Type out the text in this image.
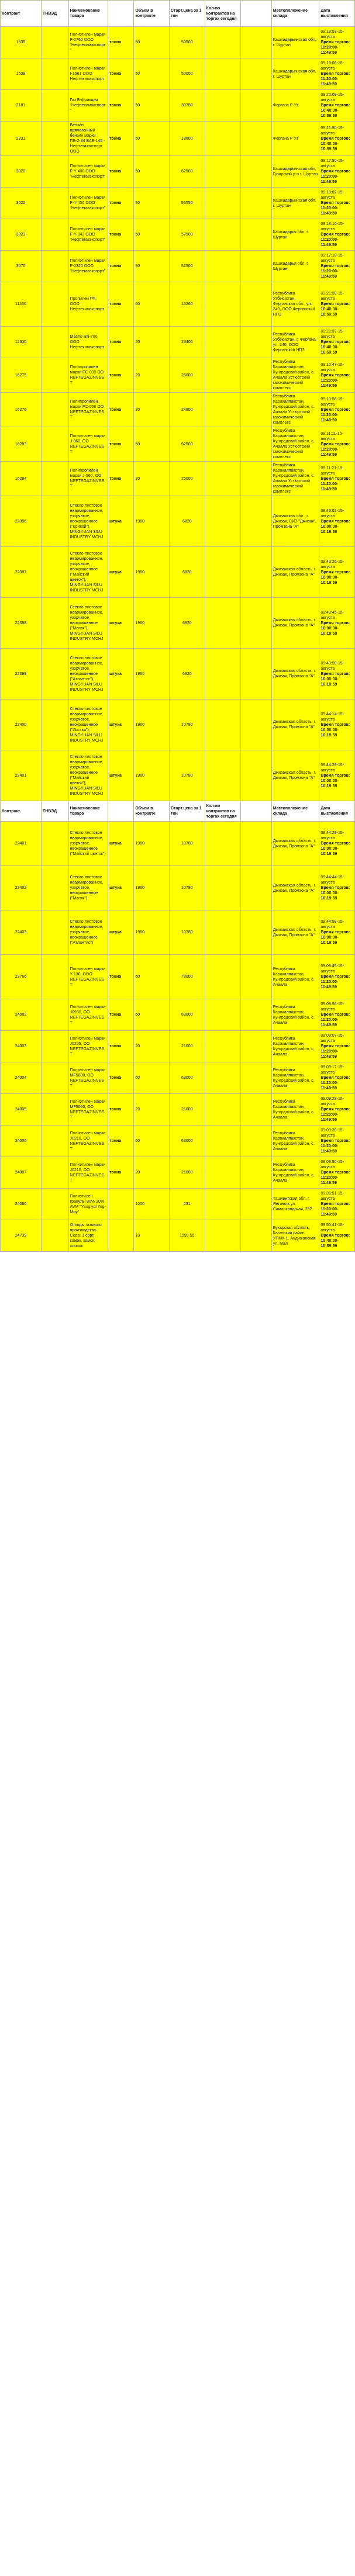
Контракт	ТНВЭД	Наименование товара		Объем в контракте	Старт.цена за 1 тон	Кол-во контрактов на торгах сегодня		Местоположение склада	Дата выставления
1535		Полиэтилен марки F-0760 ООО "Нефтехимэкспорт"	тонна	50	50500			Кашкадарьинская обл, г. Шуртан	09:18:53-15-августа
Время торгов:
11:20:00-11:49:59
1539		Полиэтилен марки I-1561 ООО Нефтехимэкспорт	тонна	50	50000			Кашкадарьинская обл, г. Шуртан	09:19:06-15-августа
Время торгов:
11:20:00-11:49:59
2181		Газ Б-фракция "Нефтехимэкспорт"	тонна	50	30780			Фергана Р Уз	09:22:09-15-августа
Время торгов:
10:40:00-10:59:59
2231		Бензин прямогонный бензин марки ПБ-2-34 ВАЕ-145 - Нефтегазэкспорт ООО	тонна	50	18600			Фергана Р Уз	09:21:50-15-августа
Время торгов:
10:40:00-10:59:59
3020		Полиэтилен марки F-Y 400 ООО "Нефтегазэкспорт"	тонна	50	62500			Кашкадарьинская обл, Гузарский р-н г. Шуртан	09:17:50-15-августа
Время торгов:
11:20:00-11:49:59
3022		Полиэтилен марки F-Y 456 ООО "Нефтегазэкспорт"	тонна	50	56550			Кашкадарьинская обл, г. Шуртан	09:18:02-15-августа
Время торгов:
11:20:00-11:49:59
3023		Полиэтилен марки F-Y 342 ООО "Нефтегазэкспорт"	тонна	50	57500			Кашкадарья обл, г. Шуртан	09:18:10-15-августа
Время торгов:
11:20:00-11:49:59
3070		Полиэтилен марки F-0320 ООО "Нефтегазэкспорт"	тонна	50	52500			Кашкадарья обл, г. Шуртан	09:17:18-15-августа
Время торгов:
11:20:00-11:49:59
11450		Пропилен ГФ, ООО Нефтехимэкспорт	тонна	60	15260			Республика Узбекистан, Ферганская обл., ул. 240, ООО Ферганский НПЗ	09:21:59-15-августа
Время торгов:
10:40:00-10:59:59
12630		Масло SN-700, ООО Нефтехимэкспорт	тонна	20	26400			Республика Узбекистан, г. Фергана, ул. 240, ООО Ферганский НПЗ	09:21:37-15-августа
Время торгов:
10:40:00-10:59:59
16275		Полипропилен марки FC-030 ОО NEFTEGAZINVEST	тонна	20	26000			Республика Каракалпакстан, Кунградский район, с. Ачаала Устюртский газохимический комплекс	09:10:47-15-августа
Время торгов:
11:20:00-11:49:59
16276		Полипропилен марки FC-056 ОО NEFTEGAZINVEST	тонна	20	24800			Республика Каракалпакстан, Кунградский район, с. Ачаала Устюртский газохимический комплекс	09:10:56-15-августа
Время торгов:
11:20:00-11:49:59
16283		Полиэтилен марки J-360, ОО NEFTEGAZINVEST	тонна	50	62500			Республика Каракалпакстан, Кунградский район, с. Ачаала Устюртский газохимический комплекс	09:11:11-15-августа
Время торгов:
11:20:00-11:49:59
16284		Полипропилен марки J-560, ОО NEFTEGAZINVEST	тонна	20	25000			Республика Каракалпакстан, Кунградский район, с. Ачаала Устюртский газохимический комплекс	09:11:21-15-августа
Время торгов:
11:20:00-11:49:59
22396		Стекло листовое неармированное, узорчатое, неокрашенное ("Кривой"), MINGYUAN SILU INDUSTRY MCHJ	штука	1960	6820			Джизакская обл., г. Джизак, СИЗ "Джизак", Промзона "А"	09:43:02-15-августа
Время торгов:
10:00:00-10:19:59
22397		Стекло листовое неармированное, узорчатое, неокрашенное ("Майский цветок"), MINGYUAN SILU INDUSTRY MCHJ	штука	1960	6820			Джизакская область, г. Джизак, Промзона "А"	09:43:26-15-августа
Время торгов:
10:00:00-10:19:59
22398		Стекло листовое неармированное, узорчатое, неокрашенное ("Магия"), MINGYUAN SILU INDUSTRY MCHJ	штука	1960	6820			Джизакская область, г. Джизак, Промзона "А"	09:43:45-15-августа
Время торгов:
10:00:00-10:19:59
22399		Стекло листовое неармированное, узорчатое, неокрашенное ("Атлантис"), MINGYUAN SILU INDUSTRY MCHJ	штука	1960	6820			Джизакская область, г. Джизак, Промзона "А"	09:43:59-15-августа
Время торгов:
10:00:00-10:19:59
22400		Стекло листовое неармированное, узорчатое, неокрашенное ("Листья"), MINGYUAN SILU INDUSTRY MCHJ	штука	1960	10780			Джизакская область, г. Джизак, Промзона "А"	09:44:14-15-августа
Время торгов:
10:00:00-10:19:59
22401		Стекло листовое неармированное, узорчатое, неокрашенное ("Майский цветок"), MINGYUAN SILU INDUSTRY MCHJ	штука	1960	10780			Джизакская область, г. Джизак, Промзона "А"	09:44:29-15-августа
Время торгов:
10:00:00-10:19:59
Контракт	ТНВЭД	Наименование товара		Объем в контракте	Старт.цена за 1 тон	Кол-во контрактов на торгах сегодня		Местоположение склада	Дата выставления
22401		Стекло листовое неармированное, узорчатое, неокрашенное ("Майский цветок")	штука	1960	10780			Джизакская область, г. Джизак, Промзона "А"	09:44:29-15-августа
Время торгов:
10:00:00-10:19:59
22402		Стекло листовое неармированное, узорчатое, неокрашенное ("Магия")	штука	1960	10780			Джизакская область, г. Джизак, Промзона "А"	09:44:44-15-августа
Время торгов:
10:00:00-10:19:59
22403		Стекло листовое неармированное, узорчатое, неокрашенное ("Атлантис")	штука	1960	10780			Джизакская область, г. Джизак, Промзона "А"	09:44:58-15-августа
Время торгов:
10:00:00-10:19:59
23766		Полиэтилен марки Y-130, ООО NEFTEGAZINVEST	тонна	60	78000			Республика Каракалпакстан, Кунградский район, с. Ачаала	09:08:45-15-августа
Время торгов:
11:20:00-11:49:59
24002		Полиэтилен марки J0930, ОО NEFTEGAZINVEST	тонна	60	63000			Республика Каракалпакстан, Кунградский район, с. Ачаала	09:08:56-15-августа
Время торгов:
11:20:00-11:49:59
24003		Полиэтилен марки J0205, ОО NEFTEGAZINVEST	тонна	20	21000			Республика Каракалпакстан, Кунградский район, с. Ачаала	09:09:07-15-августа
Время торгов:
11:20:00-11:49:59
24004		Полиэтилен марки MF5000, ОО NEFTEGAZINVEST	тонна	60	63000			Республика Каракалпакстан, Кунградский район, с. Ачаала	09:09:17-15-августа
Время торгов:
11:20:00-11:49:59
24005		Полиэтилен марки MF5000, ОО NEFTEGAZINVEST	тонна	20	21000			Республика Каракалпакстан, Кунградский район, с. Ачаала	09:09:29-15-августа
Время торгов:
11:20:00-11:49:59
24006		Полиэтилен марки J0210, ОО NEFTEGAZINVEST	тонна	60	63000			Республика Каракалпакстан, Кунградский район, с. Ачаала	09:09:39-15-августа
Время торгов:
11:20:00-11:49:59
24007		Полиэтилен марки J0210, ОО NEFTEGAZINVEST	тонна	20	21000			Республика Каракалпакстан, Кунградский район, с. Ачаала	09:09:50-15-августа
Время торгов:
11:20:00-11:49:59
24060		Полиэтилен гранулы 80% 20% AVM "Yangiyol Yog-Moy"		1000	231			Ташкентская обл. г. Янгиюль ул. Самаркандская, 252	09:36:51-15-августа
Время торгов:
11:20:00-11:49:59
24739		Отходы газового производства. Сера: 1 сорт, комок, комок, хлопок		10	1599.55			Бухарская область, Каганский район, УПМК-1. Андижонская ул. Мал	09:55:41-15-августа
Время торгов:
10:40:00-10:59:59
